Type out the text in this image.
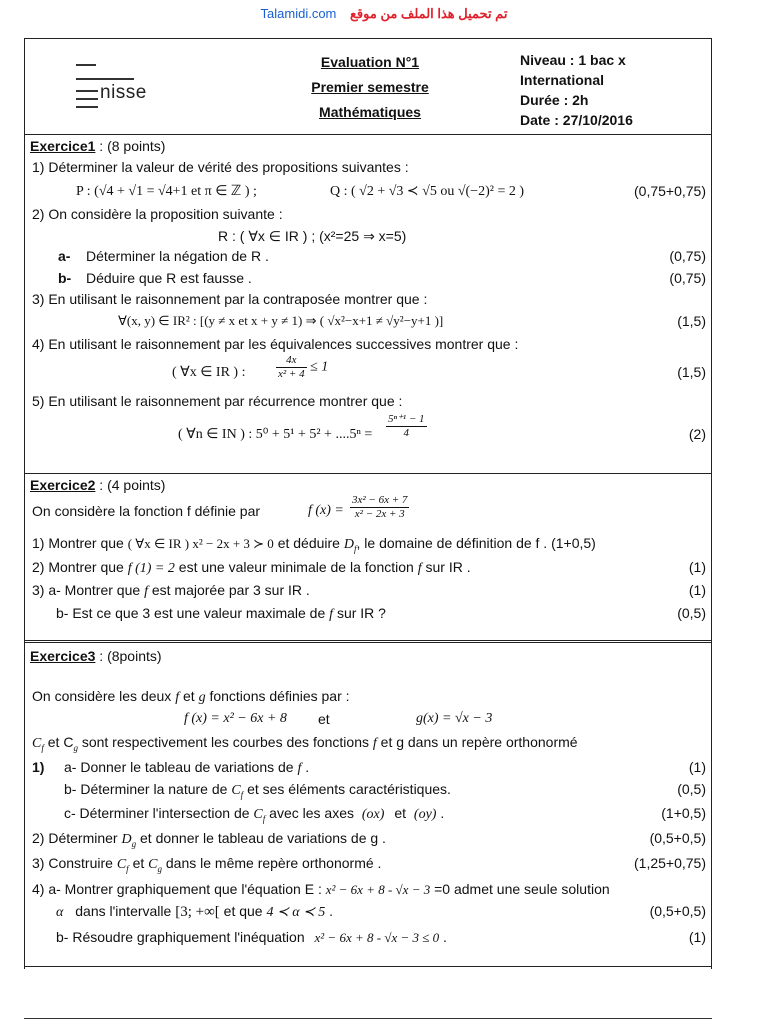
Talamidi.com تم تحميل هذا الملف من موقع
nisse
Evaluation N°1
Premier semestre
Mathématiques
Niveau : 1 bac x
International
Durée : 2h
Date : 27/10/2016
Exercice1 : (8 points)
1) Déterminer la valeur de vérité des propositions suivantes :
P : (√4 + √1 = √4+1 et π ∈ ℤ ) ;	Q : ( √2 + √3 ≺ √5 ou √(−2)² = 2 )	(0,75+0,75)
2) On considère la proposition suivante :
R : ( ∀x ∈ IR ) ; (x²=25 ⇒ x=5)
a- Déterminer la négation de R .	(0,75)
b- Déduire que R est fausse .	(0,75)
3) En utilisant le raisonnement par la contraposée montrer que :
∀(x, y) ∈ IR² : [(y ≠ x et x + y ≠ 1) ⇒ ( √x²−x+1 ≠ √y²−y+1 )]	(1,5)
4) En utilisant le raisonnement par les équivalences successives montrer que :
( ∀x ∈ IR ) :	$\frac{4x}{\text{x² + 4}} \le 1$	(1,5)
5) En utilisant le raisonnement par récurrence montrer que :
( ∀n ∈ IN ) : $5^0 + 5^1 + 5^2 + ....5^n = \frac{\text{5ⁿ⁺¹ − 1}}{4}$	(2)
Exercice2 : (4 points)
On considère la fonction f définie par	f $(x) = \frac{\text{3x² − 6x + 7}}{\text{x² − 2x + 3}}$
1) Montrer que ( ∀x ∈ IR ) x² − 2x + 3 ≻ 0 et déduire $D_f$, le domaine de définition de f . (1+0,5)
2) Montrer que f (1) = 2 est une valeur minimale de la fonction f sur IR .	(1)
3) a- Montrer que f est majorée par 3 sur IR .	(1)
b- Est ce que 3 est une valeur maximale de f sur IR ?	(0,5)
Exercice3 : (8points)
On considère les deux f et g fonctions définies par :
f (x) = x² − 6x + 8 et	g(x) = √x − 3
$C_f$ et $C_g$ sont respectivement les courbes des fonctions f et g dans un repère orthonormé
1) a- Donner le tableau de variations de f .	(1)
b- Déterminer la nature de $C_f$ et ses éléments caractéristiques.	(0,5)
c- Déterminer l'intersection de $C_f$ avec les axes (ox) et (oy) .	(1+0,5)
2) Déterminer $D_g$ et donner le tableau de variations de g .	(0,5+0,5)
3) Construire $C_f$ et $C_g$ dans le même repère orthonormé .	(1,25+0,75)
4) a- Montrer graphiquement que l'équation E : x² − 6x + 8 - √x − 3 =0 admet une seule solution
α dans l'intervalle [3; +∞[ et que 4 ≺ α ≺ 5 .	(0,5+0,5)
b- Résoudre graphiquement l'inéquation x² − 6x + 8 - √x − 3 ≤ 0 .	(1)
